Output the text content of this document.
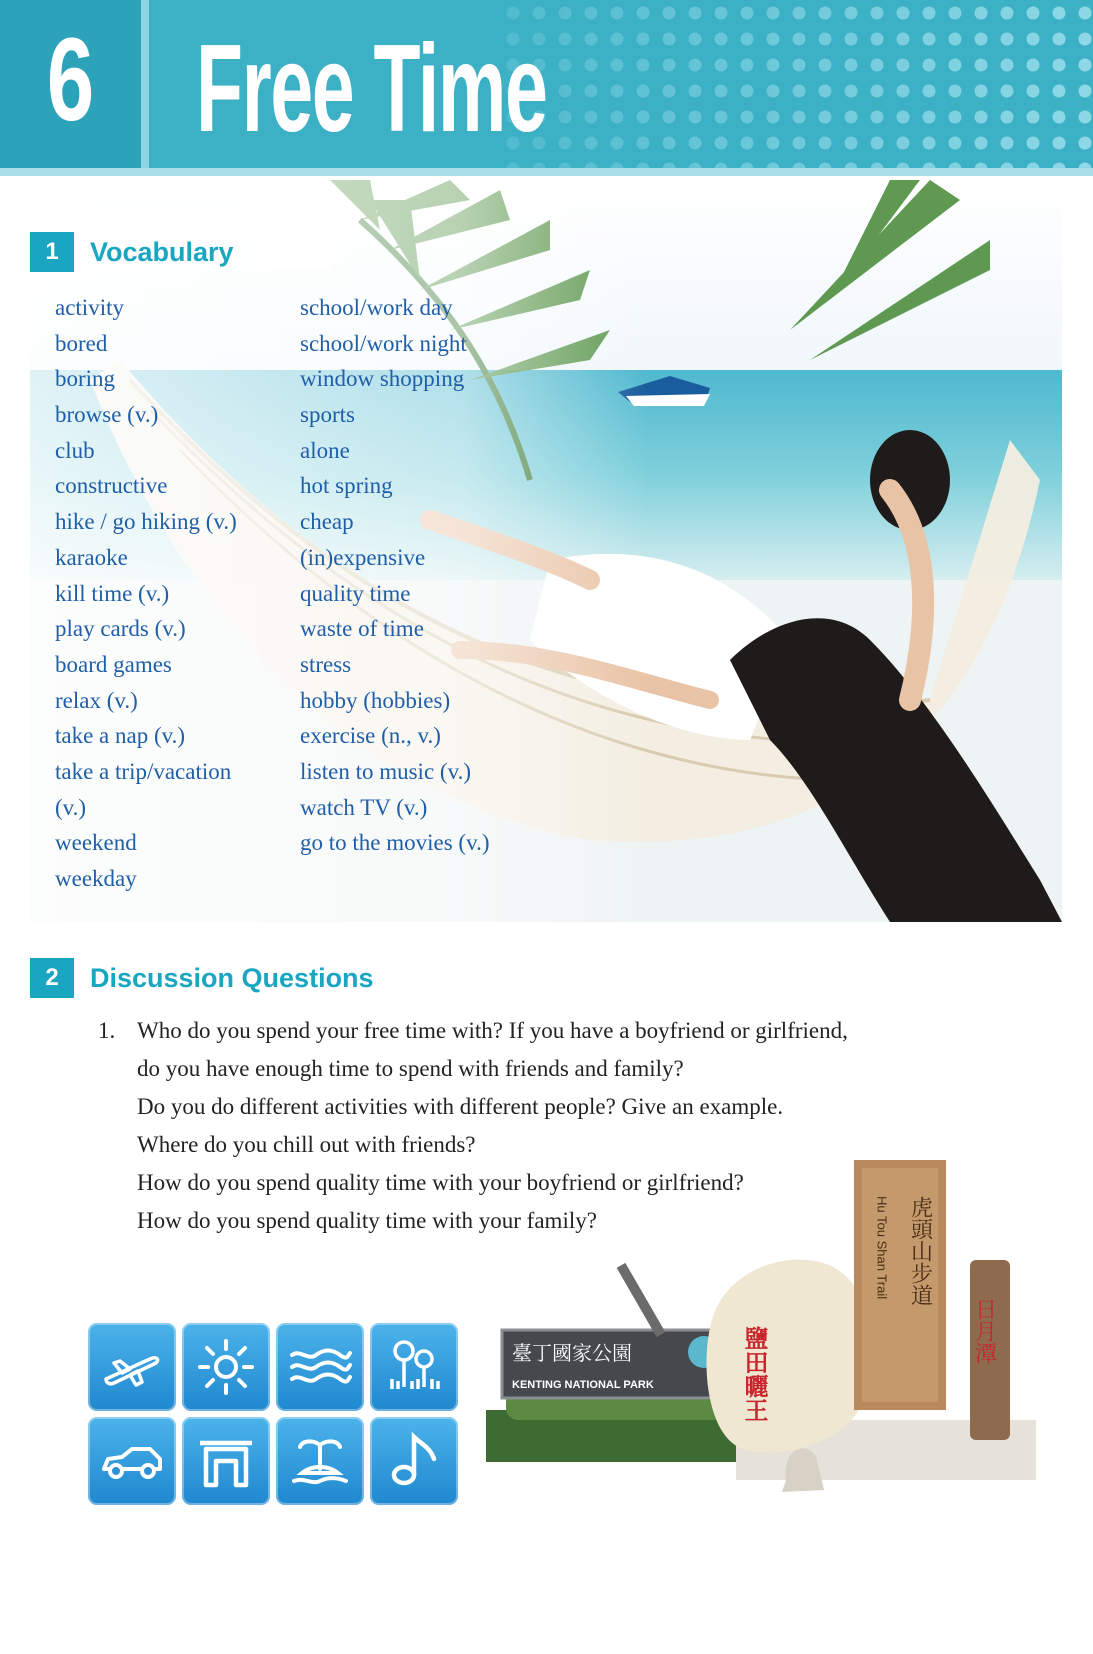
6 Free Time
1	Vocabulary
activity
bored
boring
browse (v.)
club
constructive
hike / go hiking (v.)
karaoke
kill time (v.)
play cards (v.)
board games
relax (v.)
take a nap (v.)
take a trip/vacation
(v.)
weekend
weekday
school/work day
school/work night
window shopping
sports
alone
hot spring
cheap
(in)expensive
quality time
waste of time
stress
hobby (hobbies)
exercise (n., v.)
listen to music (v.)
watch TV (v.)
go to the movies (v.)
2	Discussion Questions
1. Who do you spend your free time with? If you have a boyfriend or girlfriend,
do you have enough time to spend with friends and family?
Do you do different activities with different people? Give an example.
Where do you chill out with friends?
How do you spend quality time with your boyfriend or girlfriend?
How do you spend quality time with your family?
臺丁國家公園
KENTING NATIONAL PARK	鹽田曬王
虎頭山步道
Hu Tou Shan Trail
日月潭
